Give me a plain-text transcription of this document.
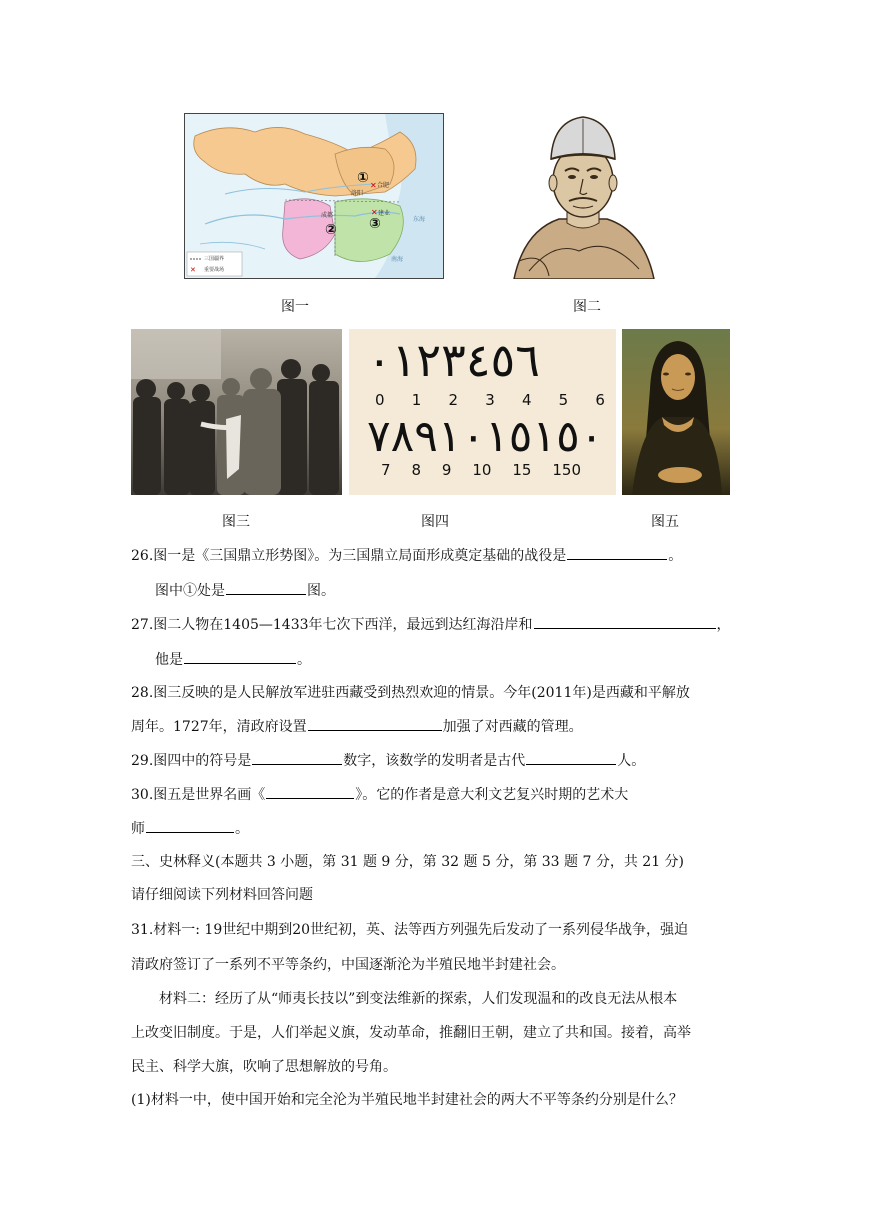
✕
✕
✕
①
② ③
洛阳
合肥
成都	建业
东海
南海
三国疆界
重要战场
图一	图二
图三
٠١٢٣٤٥٦
0 1 2 3 4 5 6
٧٨٩١٠١٥١٥٠
7 8 9 10 15 150
图四	图五
26.图一是《三国鼎立形势图》。为三国鼎立局面形成奠定基础的战役是	。
图中①处是	图。
27.图二人物在1405—1433年七次下西洋，最远到达红海沿岸和	，
他是	。
28.图三反映的是人民解放军进驻西藏受到热烈欢迎的情景。今年(2011年)是西藏和平解放
周年。1727年，清政府设置	加强了对西藏的管理。
29.图四中的符号是	数字，该数学的发明者是古代	人。
30.图五是世界名画《	》。它的作者是意大利文艺复兴时期的艺术大
师	。
三、史林释义(本题共 3 小题，第 31 题 9 分，第 32 题 5 分，第 33 题 7 分，共 21 分)
请仔细阅读下列材料回答问题
31.材料一: 19世纪中期到20世纪初，英、法等西方列强先后发动了一系列侵华战争，强迫
清政府签订了一系列不平等条约，中国逐渐沦为半殖民地半封建社会。
材料二：经历了从“师夷长技以”到变法维新的探索，人们发现温和的改良无法从根本
上改变旧制度。于是，人们举起义旗，发动革命，推翻旧王朝，建立了共和国。接着，高举
民主、科学大旗，吹响了思想解放的号角。
(1)材料一中，使中国开始和完全沦为半殖民地半封建社会的两大不平等条约分别是什么？
